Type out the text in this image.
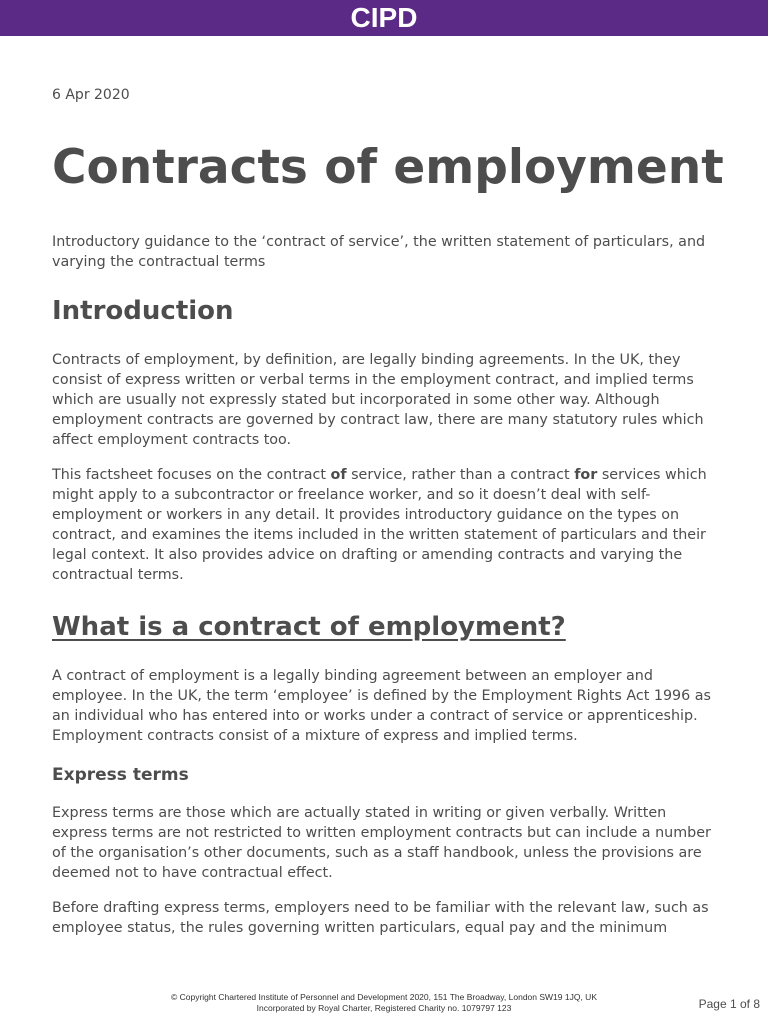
CIPD
6 Apr 2020
Contracts of employment

Introductory guidance to the ‘contract of service’, the written statement of particulars, and varying the contractual terms

Introduction

Contracts of employment, by definition, are legally binding agreements. In the UK, they consist of express written or verbal terms in the employment contract, and implied terms which are usually not expressly stated but incorporated in some other way. Although employment contracts are governed by contract law, there are many statutory rules which affect employment contracts too.

This factsheet focuses on the contract of service, rather than a contract for services which might apply to a subcontractor or freelance worker, and so it doesn’t deal with self-employment or workers in any detail. It provides introductory guidance on the types on contract, and examines the items included in the written statement of particulars and their legal context. It also provides advice on drafting or amending contracts and varying the contractual terms.

What is a contract of employment?

A contract of employment is a legally binding agreement between an employer and employee. In the UK, the term ‘employee’ is defined by the Employment Rights Act 1996 as an individual who has entered into or works under a contract of service or apprenticeship. Employment contracts consist of a mixture of express and implied terms.

Express terms

Express terms are those which are actually stated in writing or given verbally. Written express terms are not restricted to written employment contracts but can include a number of the organisation’s other documents, such as a staff handbook, unless the provisions are deemed not to have contractual effect.

Before drafting express terms, employers need to be familiar with the relevant law, such as employee status, the rules governing written particulars, equal pay and the minimum

© Copyright Chartered Institute of Personnel and Development 2020, 151 The Broadway, London SW19 1JQ, UK
Incorporated by Royal Charter, Registered Charity no. 1079797 123	Page 1 of 8
